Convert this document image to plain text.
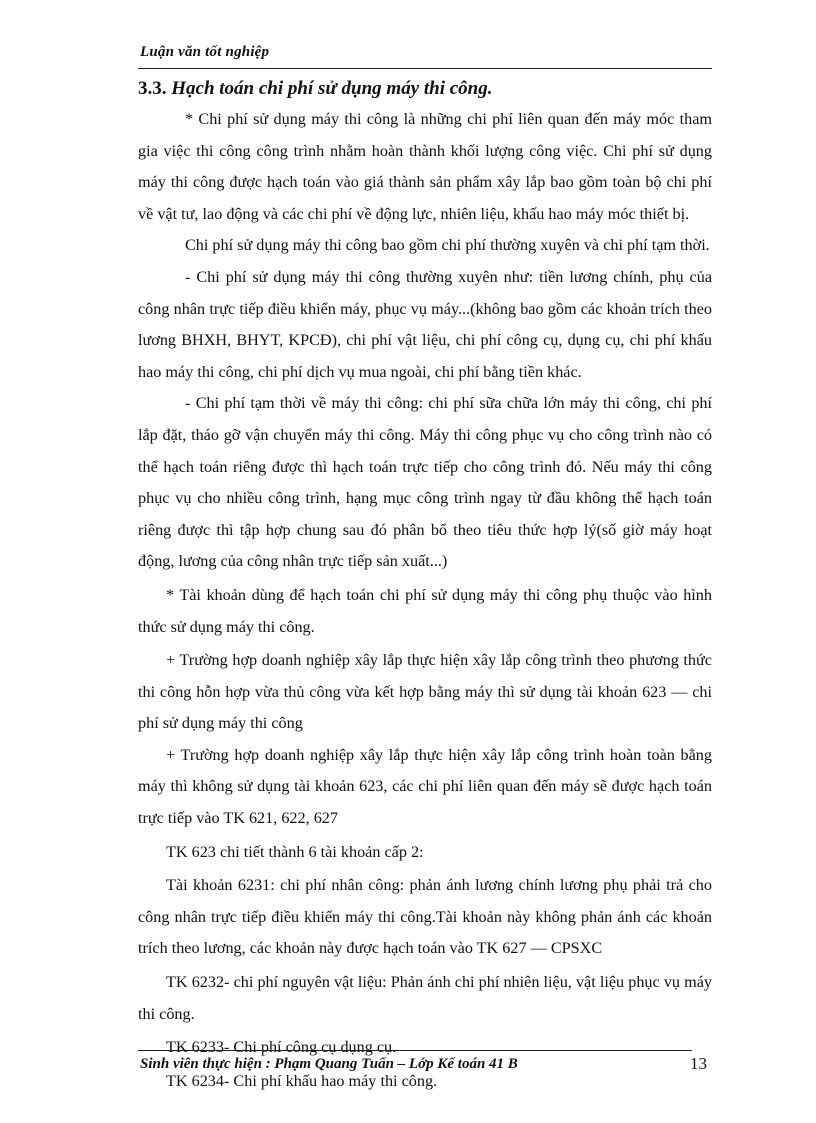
Luận văn tốt nghiệp
3.3. Hạch toán chi phí sử dụng máy thi công.

* Chi phí sử dụng máy thi công là những chi phí liên quan đến máy móc tham gia việc thi công công trình nhằm hoàn thành khối lượng công việc. Chi phí sử dụng máy thi công được hạch toán vào giá thành sản phẩm xây lắp bao gồm toàn bộ chi phí về vật tư, lao động và các chi phí về động lực, nhiên liệu, khấu hao máy móc thiết bị.

Chi phí sử dụng máy thi công bao gồm chi phí thường xuyên và chi phí tạm thời.

- Chi phí sử dụng máy thi công thường xuyên như: tiền lương chính, phụ của công nhân trực tiếp điều khiển máy, phục vụ máy...(không bao gồm các khoản trích theo lương BHXH, BHYT, KPCĐ), chi phí vật liệu, chi phí công cụ, dụng cụ, chi phí khấu hao máy thi công, chi phí dịch vụ mua ngoài, chi phí bằng tiền khác.

- Chi phí tạm thời về máy thi công: chi phí sữa chữa lớn máy thi công, chi phí lắp đặt, tháo gỡ vận chuyển máy thi công. Máy thi công phục vụ cho công trình nào có thể hạch toán riêng được thì hạch toán trực tiếp cho công trình đó. Nếu máy thi công phục vụ cho nhiều công trình, hạng mục công trình ngay từ đầu không thể hạch toán riêng được thì tập hợp chung sau đó phân bổ theo tiêu thức hợp lý(số giờ máy hoạt động, lương của công nhân trực tiếp sản xuất...)

* Tài khoản dùng để hạch toán chi phí sử dụng máy thi công phụ thuộc vào hình thức sử dụng máy thi công.

+ Trường hợp doanh nghiệp xây lắp thực hiện xây lắp công trình theo phương thức thi công hỗn hợp vừa thủ công vừa kết hợp bằng máy thì sử dụng tài khoản 623 — chi phí sử dụng máy thi công

+ Trường hợp doanh nghiệp xây lắp thực hiện xây lắp công trình hoàn toàn bằng máy thì không sử dụng tài khoản 623, các chi phí liên quan đến máy sẽ được hạch toán trực tiếp vào TK 621, 622, 627

TK 623 chi tiết thành 6 tài khoản cấp 2:

Tài khoản 6231: chi phí nhân công: phản ánh lương chính lương phụ phải trả cho công nhân trực tiếp điều khiển máy thi công.Tài khoản này không phản ánh các khoản trích theo lương, các khoản này được hạch toán vào TK 627 — CPSXC

TK 6232- chi phí nguyên vật liệu: Phản ánh chi phí nhiên liệu, vật liệu phục vụ máy thi công.

TK 6233- Chi phí công cụ dụng cụ.

TK 6234- Chi phí khấu hao máy thi công.

Sinh viên thực hiện : Phạm Quang Tuấn – Lớp Kế toán 41 B	13
